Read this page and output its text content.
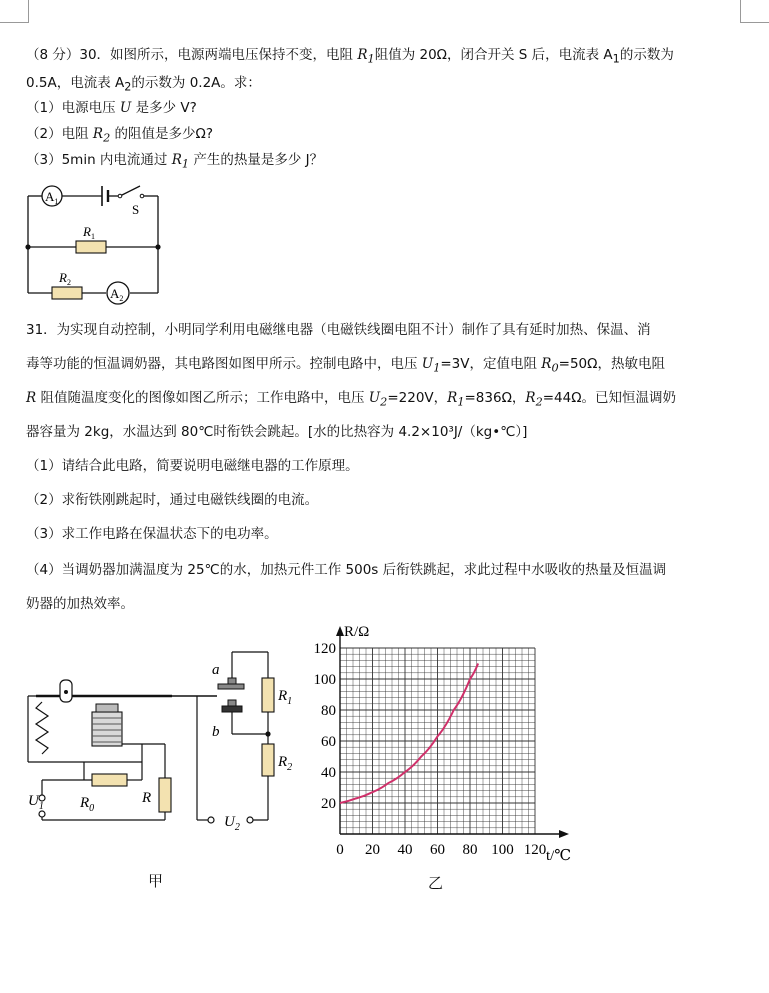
（8 分）30．如图所示，电源两端电压保持不变，电阻 $R_1$阻值为 20Ω，闭合开关 S 后，电流表 $A_1$的示数为
0.5A，电流表 $A_2$的示数为 0.2A。求：
（1）电源电压 U 是多少 V?
（2）电阻 $R_2$ 的阻值是多少Ω?
（3）5min 内电流通过 $R_1$ 产生的热量是多少 J？
$A_1$
S
$R_1$
$R_2$
$A_2$
31．为实现自动控制，小明同学利用电磁继电器（电磁铁线圈电阻不计）制作了具有延时加热、保温、消
毒等功能的恒温调奶器，其电路图如图甲所示。控制电路中，电压 $U_1=3V$，定值电阻 $R_0=50\Omega$，热敏电阻
R 阻值随温度变化的图像如图乙所示；工作电路中，电压 $U_2=220V$，$R_1=836\Omega$，$R_2=44\Omega$。已知恒温调奶
器容量为 2kg，水温达到 80℃时衔铁会跳起。[水的比热容为 4.2×10³J/（kg•℃）]
（1）请结合此电路，简要说明电磁继电器的工作原理。
（2）求衔铁刚跳起时，通过电磁铁线圈的电流。
（3）求工作电路在保温状态下的电功率。
（4）当调奶器加满温度为 25℃的水，加热元件工作 500s 后衔铁跳起，求此过程中水吸收的热量及恒温调
奶器的加热效率。
a
b
$R_1$
$R_2$
$R_0$
R
$U_1$
$U_2$
甲
0 20 40 60 80 100 120
20
40
60
80
100
120
R/Ω
t/℃
乙
